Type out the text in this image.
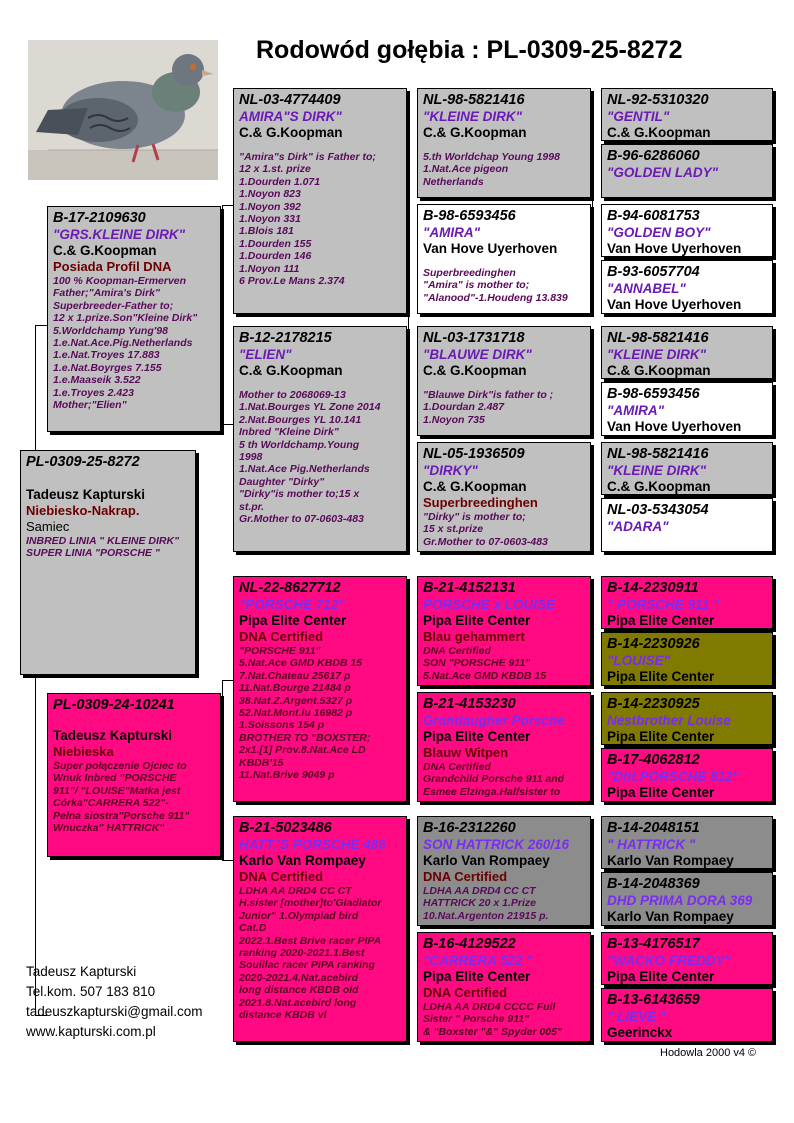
Rodowód gołębia : PL-0309-25-8272
PL-0309-25-8272
Tadeusz Kapturski
Niebiesko-Nakrap.
Samiec
INBRED LINIA " KLEINE DIRK"
SUPER LINIA "PORSCHE "
B-17-2109630
"GRS.KLEINE DIRK"
C.& G.Koopman
Posiada Profil DNA
100 % Koopman-Ermerven
Father;"Amira's Dirk"
Superbreeder-Father to;
12 x 1.prize.Son"Kleine Dirk"
5.Worldchamp Yung'98
1.e.Nat.Ace.Pig.Netherlands
1.e.Nat.Troyes 17.883
1.e.Nat.Boyrges 7.155
1.e.Maaseik 3.522
1.e.Troyes 2.423
Mother;"Elien"
PL-0309-24-10241
Tadeusz Kapturski
Niebieska
Super połączenie Ojciec to
Wnuk Inbred "PORSCHE
911"/ "LOUISE"Matka jest
Córka"CARRERA 522"-
Pełna siostra"Porsche 911"
Wnuczka" HATTRICK"
NL-03-4774409
AMIRA"S DIRK"
C.& G.Koopman
"Amira"s Dirk" is Father to;
12 x 1.st. prize
1.Dourden 1.071
1.Noyon 823
1.Noyon 392
1.Noyon 331
1.Blois 181
1.Dourden 155
1.Dourden 146
1.Noyon 111
6 Prov.Le Mans 2.374
B-12-2178215
"ELIEN"
C.& G.Koopman
Mother to 2068069-13
1.Nat.Bourges YL Zone 2014
2.Nat.Bourges YL 10.141
Inbred "Kleine Dirk"
5 th Worldchamp.Young
1998
1.Nat.Ace Pig.Netherlands
Daughter "Dirky"
"Dirky"is mother to;15 x
st.pr.
Gr.Mother to 07-0603-483
NL-22-8627712
"PORSCHE 712"
Pipa Elite Center
DNA Certified
"PORSCHE 911"
5.Nat.Ace GMD KBDB 15
7.Nat.Chateau 25617 p
11.Nat.Bourge 21484 p
38.Nat.Z.Argent.5327 p
52.Nat.Mont.lu 16982 p
1.Soissons 154 p
BROTHER TO "BOXSTER;
2x1.[1] Prov.8.Nat.Ace LD
KBDB'15
11.Nat.Brive 9049 p
B-21-5023486
HATT.'S PORSCHE 486
Karlo Van Rompaey
DNA Certified
LDHA AA DRD4 CC CT
H.sister [mother]to'Gladiator
Junior" 1.Olympiad bird
Cat.D
2022.1.Best Brive racer PIPA
ranking 2020-2021.1.Best
Souillac racer PIPA ranking
2020-2021.4.Nat.acebird
long distance KBDB old
2021.8.Nat.acebird long
distance KBDB vl
NL-98-5821416
"KLEINE DIRK"
C.& G.Koopman
5.th Worldchap Young 1998
1.Nat.Ace pigeon
Netherlands
B-98-6593456
"AMIRA"
Van Hove Uyerhoven
Superbreedinghen
"Amira" is mother to;
"Alanood"-1.Houdeng 13.839
NL-03-1731718
"BLAUWE DIRK"
C.& G.Koopman
"Blauwe Dirk"is father to ;
1.Dourdan 2.487
1.Noyon 735
NL-05-1936509
"DIRKY"
C.& G.Koopman
Superbreedinghen
"Dirky" is mother to;
15 x st.prize
Gr.Mother to 07-0603-483
B-21-4152131
PORSCHE x LOUISE
Pipa Elite Center
Blau gehammert
DNA Certified
SON "PORSCHE 911"
5.Nat.Ace GMD KBDB 15
B-21-4153230
Grandaugher Porsche
Pipa Elite Center
Blauw Witpen
DNA Certified
Grandchild Porsche 911 and
Esmee Elzinga.Halfsister to
B-16-2312260
SON HATTRICK 260/16
Karlo Van Rompaey
DNA Certified
LDHA AA DRD4 CC CT
HATTRICK 20 x 1.Prize
10.Nat.Argenton 21915 p.
B-16-4129522
"CARRERA 522 "
Pipa Elite Center
DNA Certified
LDHA AA DRD4 CCCC Full
Sister " Porsche 911"
& "Boxster "&" Spyder 005"
NL-92-5310320
"GENTIL"
C.& G.Koopman
B-96-6286060
"GOLDEN LADY"
B-94-6081753
"GOLDEN BOY"
Van Hove Uyerhoven
B-93-6057704
"ANNABEL"
Van Hove Uyerhoven
NL-98-5821416
"KLEINE DIRK"
C.& G.Koopman
B-98-6593456
"AMIRA"
Van Hove Uyerhoven
NL-98-5821416
"KLEINE DIRK"
C.& G.Koopman
NL-03-5343054
"ADARA"
B-14-2230911
" PORSCHE 911 "
Pipa Elite Center
B-14-2230926
"LOUISE"
Pipa Elite Center
B-14-2230925
Nestbrother Louise
Pipa Elite Center
B-17-4062812
"Dht.PORSCHE 812"
Pipa Elite Center
B-14-2048151
" HATTRICK "
Karlo Van Rompaey
B-14-2048369
DHD PRIMA DORA 369
Karlo Van Rompaey
B-13-4176517
"WACKO FREDDY"
Pipa Elite Center
B-13-6143659
" LIEVE "
Geerinckx
Tadeusz Kapturski
Tel.kom. 507 183 810
tadeuszkapturski@gmail.com
www.kapturski.com.pl
Hodowla 2000 v4 ©
